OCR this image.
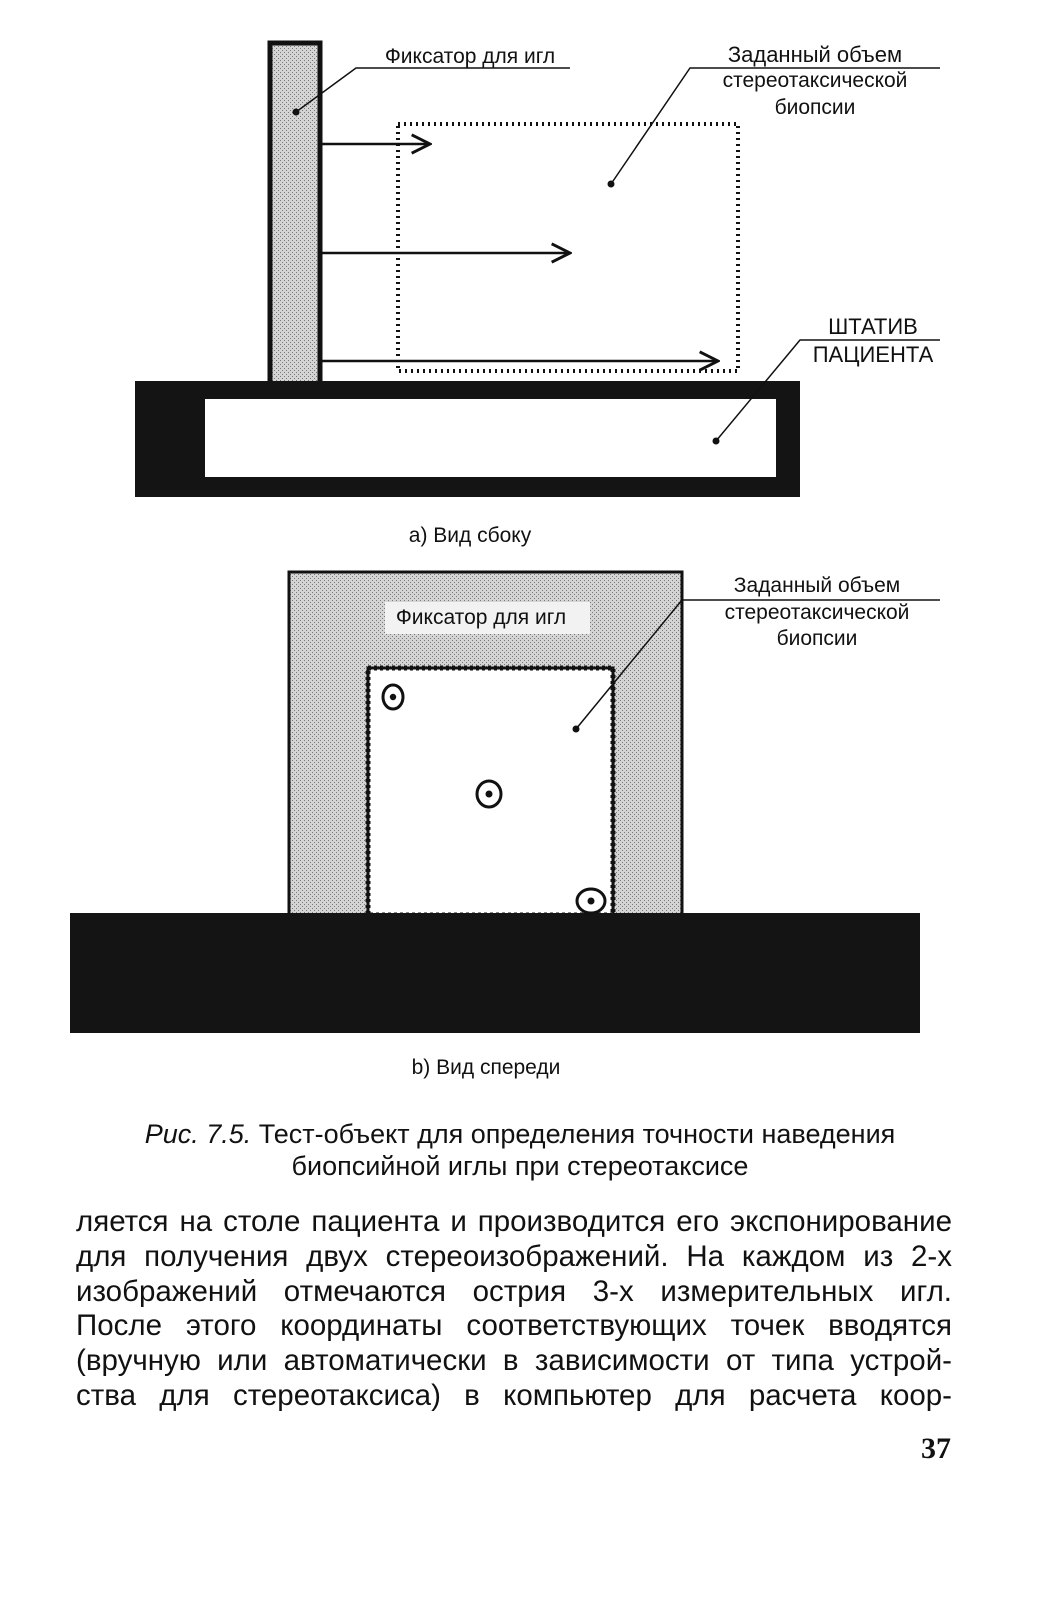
Фиксатор для игл	Заданный объем
стереотаксической
биопсии
ШТАТИВ
ПАЦИЕНТА
а) Вид сбоку
Фиксатор для игл
Заданный объем
стереотаксической
биопсии
b) Вид спереди
Рис. 7.5. Тест-объект для определения точности наведения
биопсийной иглы при стереотаксисе
ляется на столе пациента и производится его экспонирование
для получения двух стереоизображений. На каждом из 2-х
изображений отмечаются острия 3-х измерительных игл.
После этого координаты соответствующих точек вводятся
(вручную или автоматически в зависимости от типа устрой-
ства для стереотаксиса) в компьютер для расчета коор-
37
